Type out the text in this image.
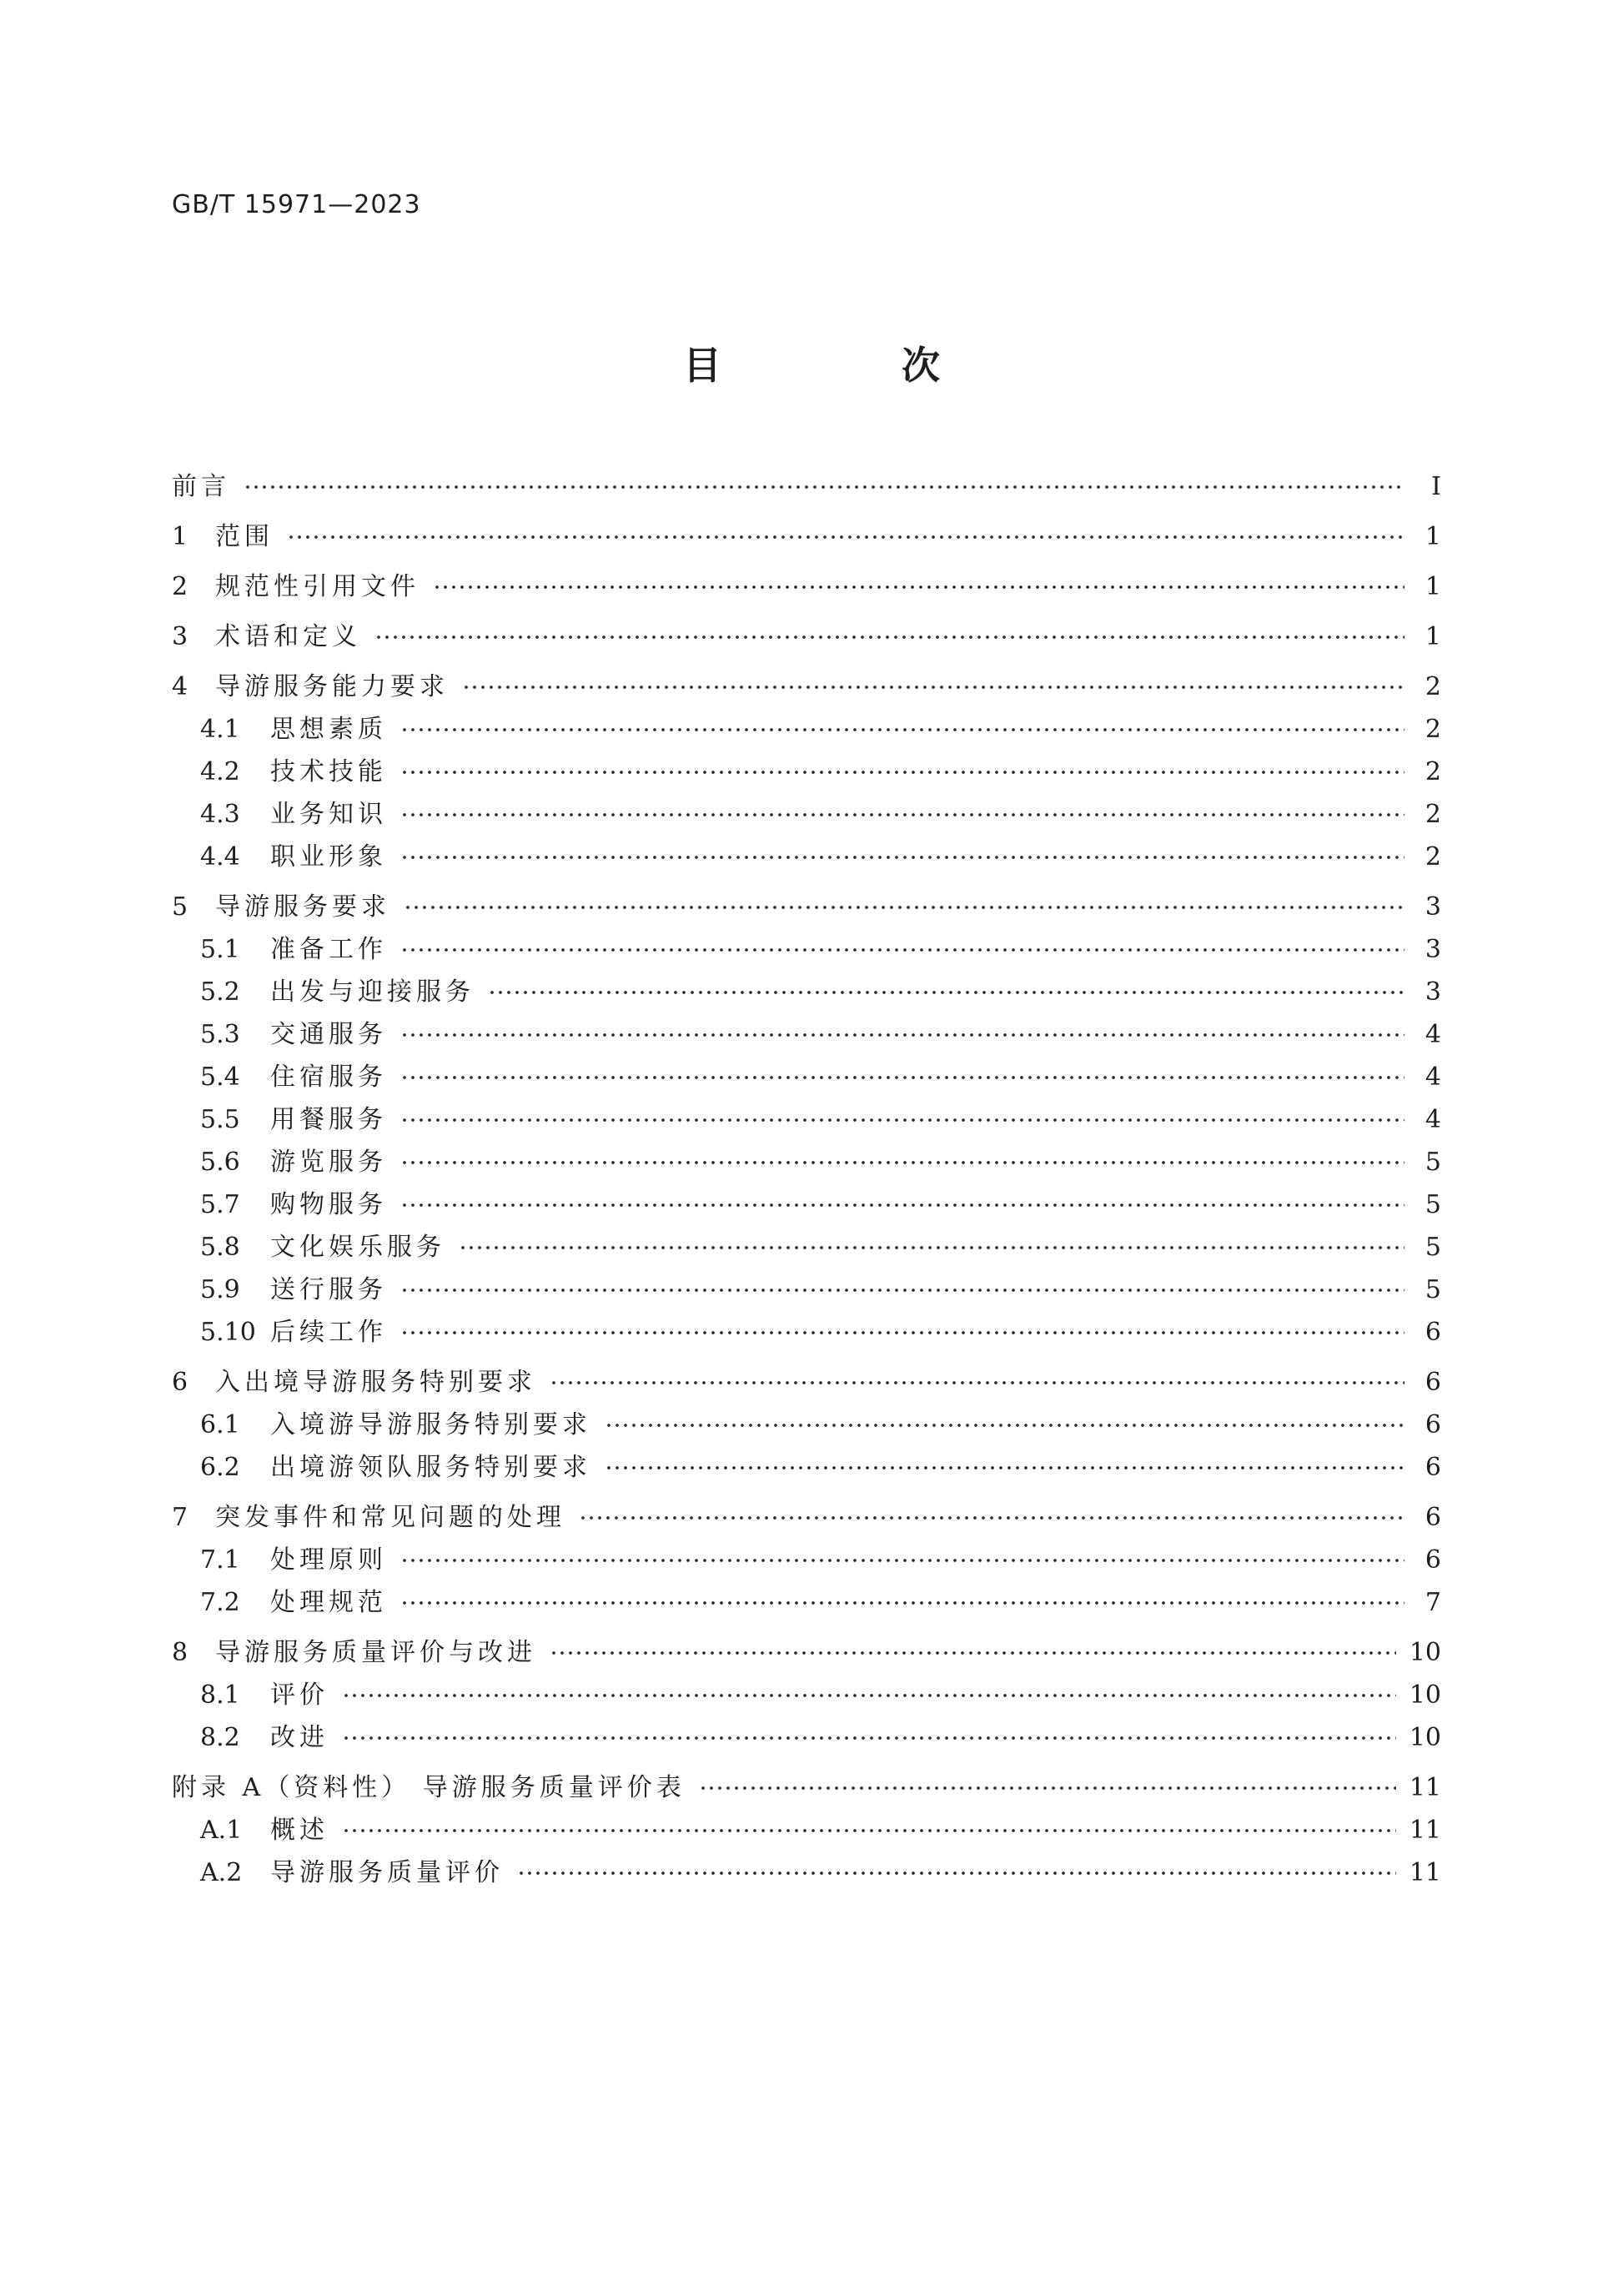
GB/T 15971—2023
目 次
前言	I
1	范围	1
2	规范性引用文件	1
3	术语和定义	1
4	导游服务能力要求	2
4.1	思想素质	2
4.2	技术技能	2
4.3	业务知识	2
4.4	职业形象	2
5	导游服务要求	3
5.1	准备工作	3
5.2	出发与迎接服务	3
5.3	交通服务	4
5.4	住宿服务	4
5.5	用餐服务	4
5.6	游览服务	5
5.7	购物服务	5
5.8	文化娱乐服务	5
5.9	送行服务	5
5.10 后续工作	6
6	入出境导游服务特别要求	6
6.1	入境游导游服务特别要求	6
6.2	出境游领队服务特别要求	6
7	突发事件和常见问题的处理	6
7.1	处理原则	6
7.2	处理规范	7
8	导游服务质量评价与改进	10
8.1	评价	10
8.2	改进	10
附录 A（资料性） 导游服务质量评价表	11
A.1	概述	11
A.2	导游服务质量评价	11
